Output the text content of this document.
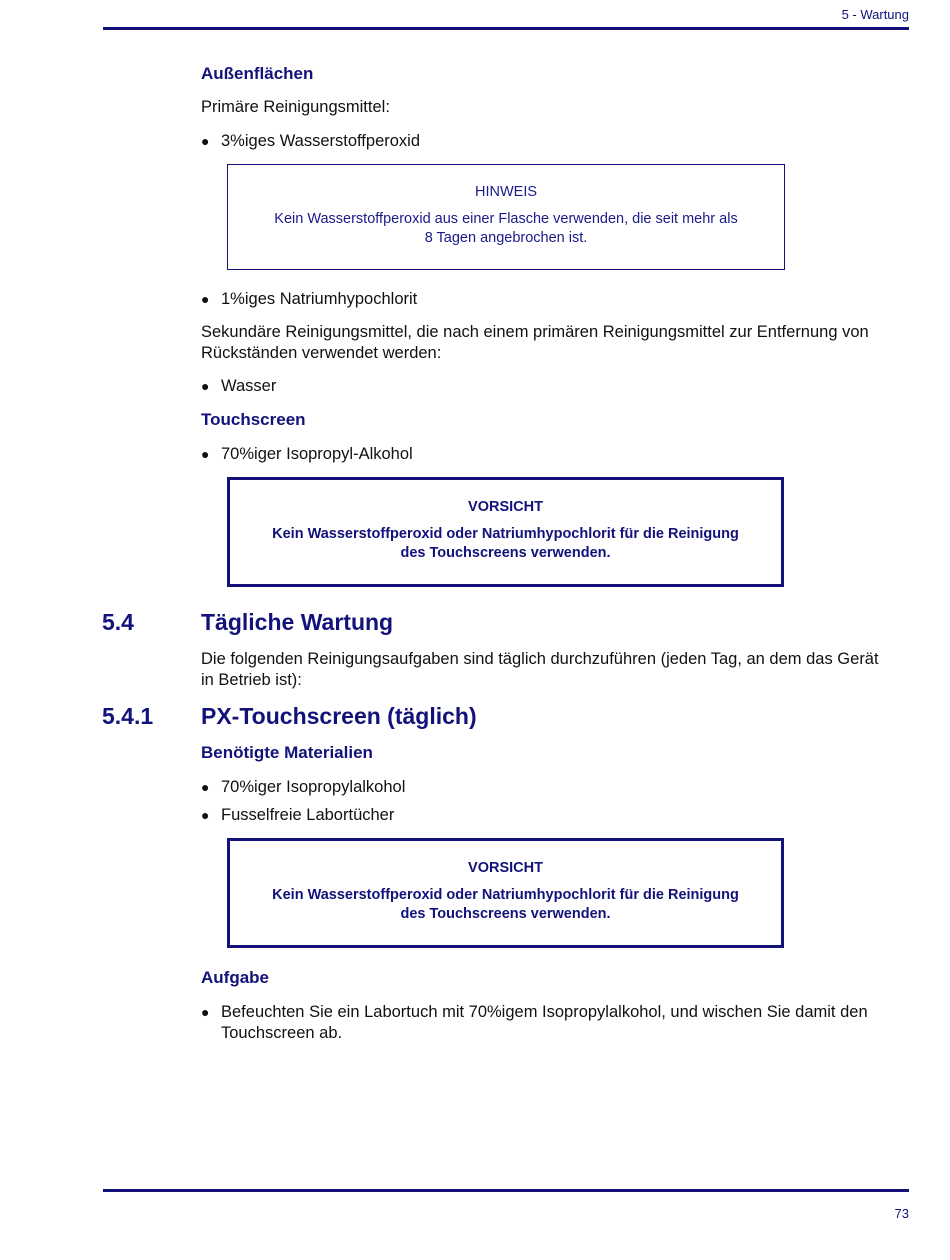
5 - Wartung
Außenflächen
Primäre Reinigungsmittel:
● 3%iges Wasserstoffperoxid
HINWEIS
Kein Wasserstoffperoxid aus einer Flasche verwenden, die seit mehr als
8 Tagen angebrochen ist.
● 1%iges Natriumhypochlorit
Sekundäre Reinigungsmittel, die nach einem primären Reinigungsmittel zur Entfernung von
Rückständen verwendet werden:
● Wasser
Touchscreen
● 70%iger Isopropyl-Alkohol
VORSICHT
Kein Wasserstoffperoxid oder Natriumhypochlorit für die Reinigung
des Touchscreens verwenden.
5.4	Tägliche Wartung
Die folgenden Reinigungsaufgaben sind täglich durchzuführen (jeden Tag, an dem das Gerät
in Betrieb ist):
5.4.1 PX-Touchscreen (täglich)
Benötigte Materialien
● 70%iger Isopropylalkohol
● Fusselfreie Labortücher
VORSICHT
Kein Wasserstoffperoxid oder Natriumhypochlorit für die Reinigung
des Touchscreens verwenden.
Aufgabe
● Befeuchten Sie ein Labortuch mit 70%igem Isopropylalkohol, und wischen Sie damit den
Touchscreen ab.
73
